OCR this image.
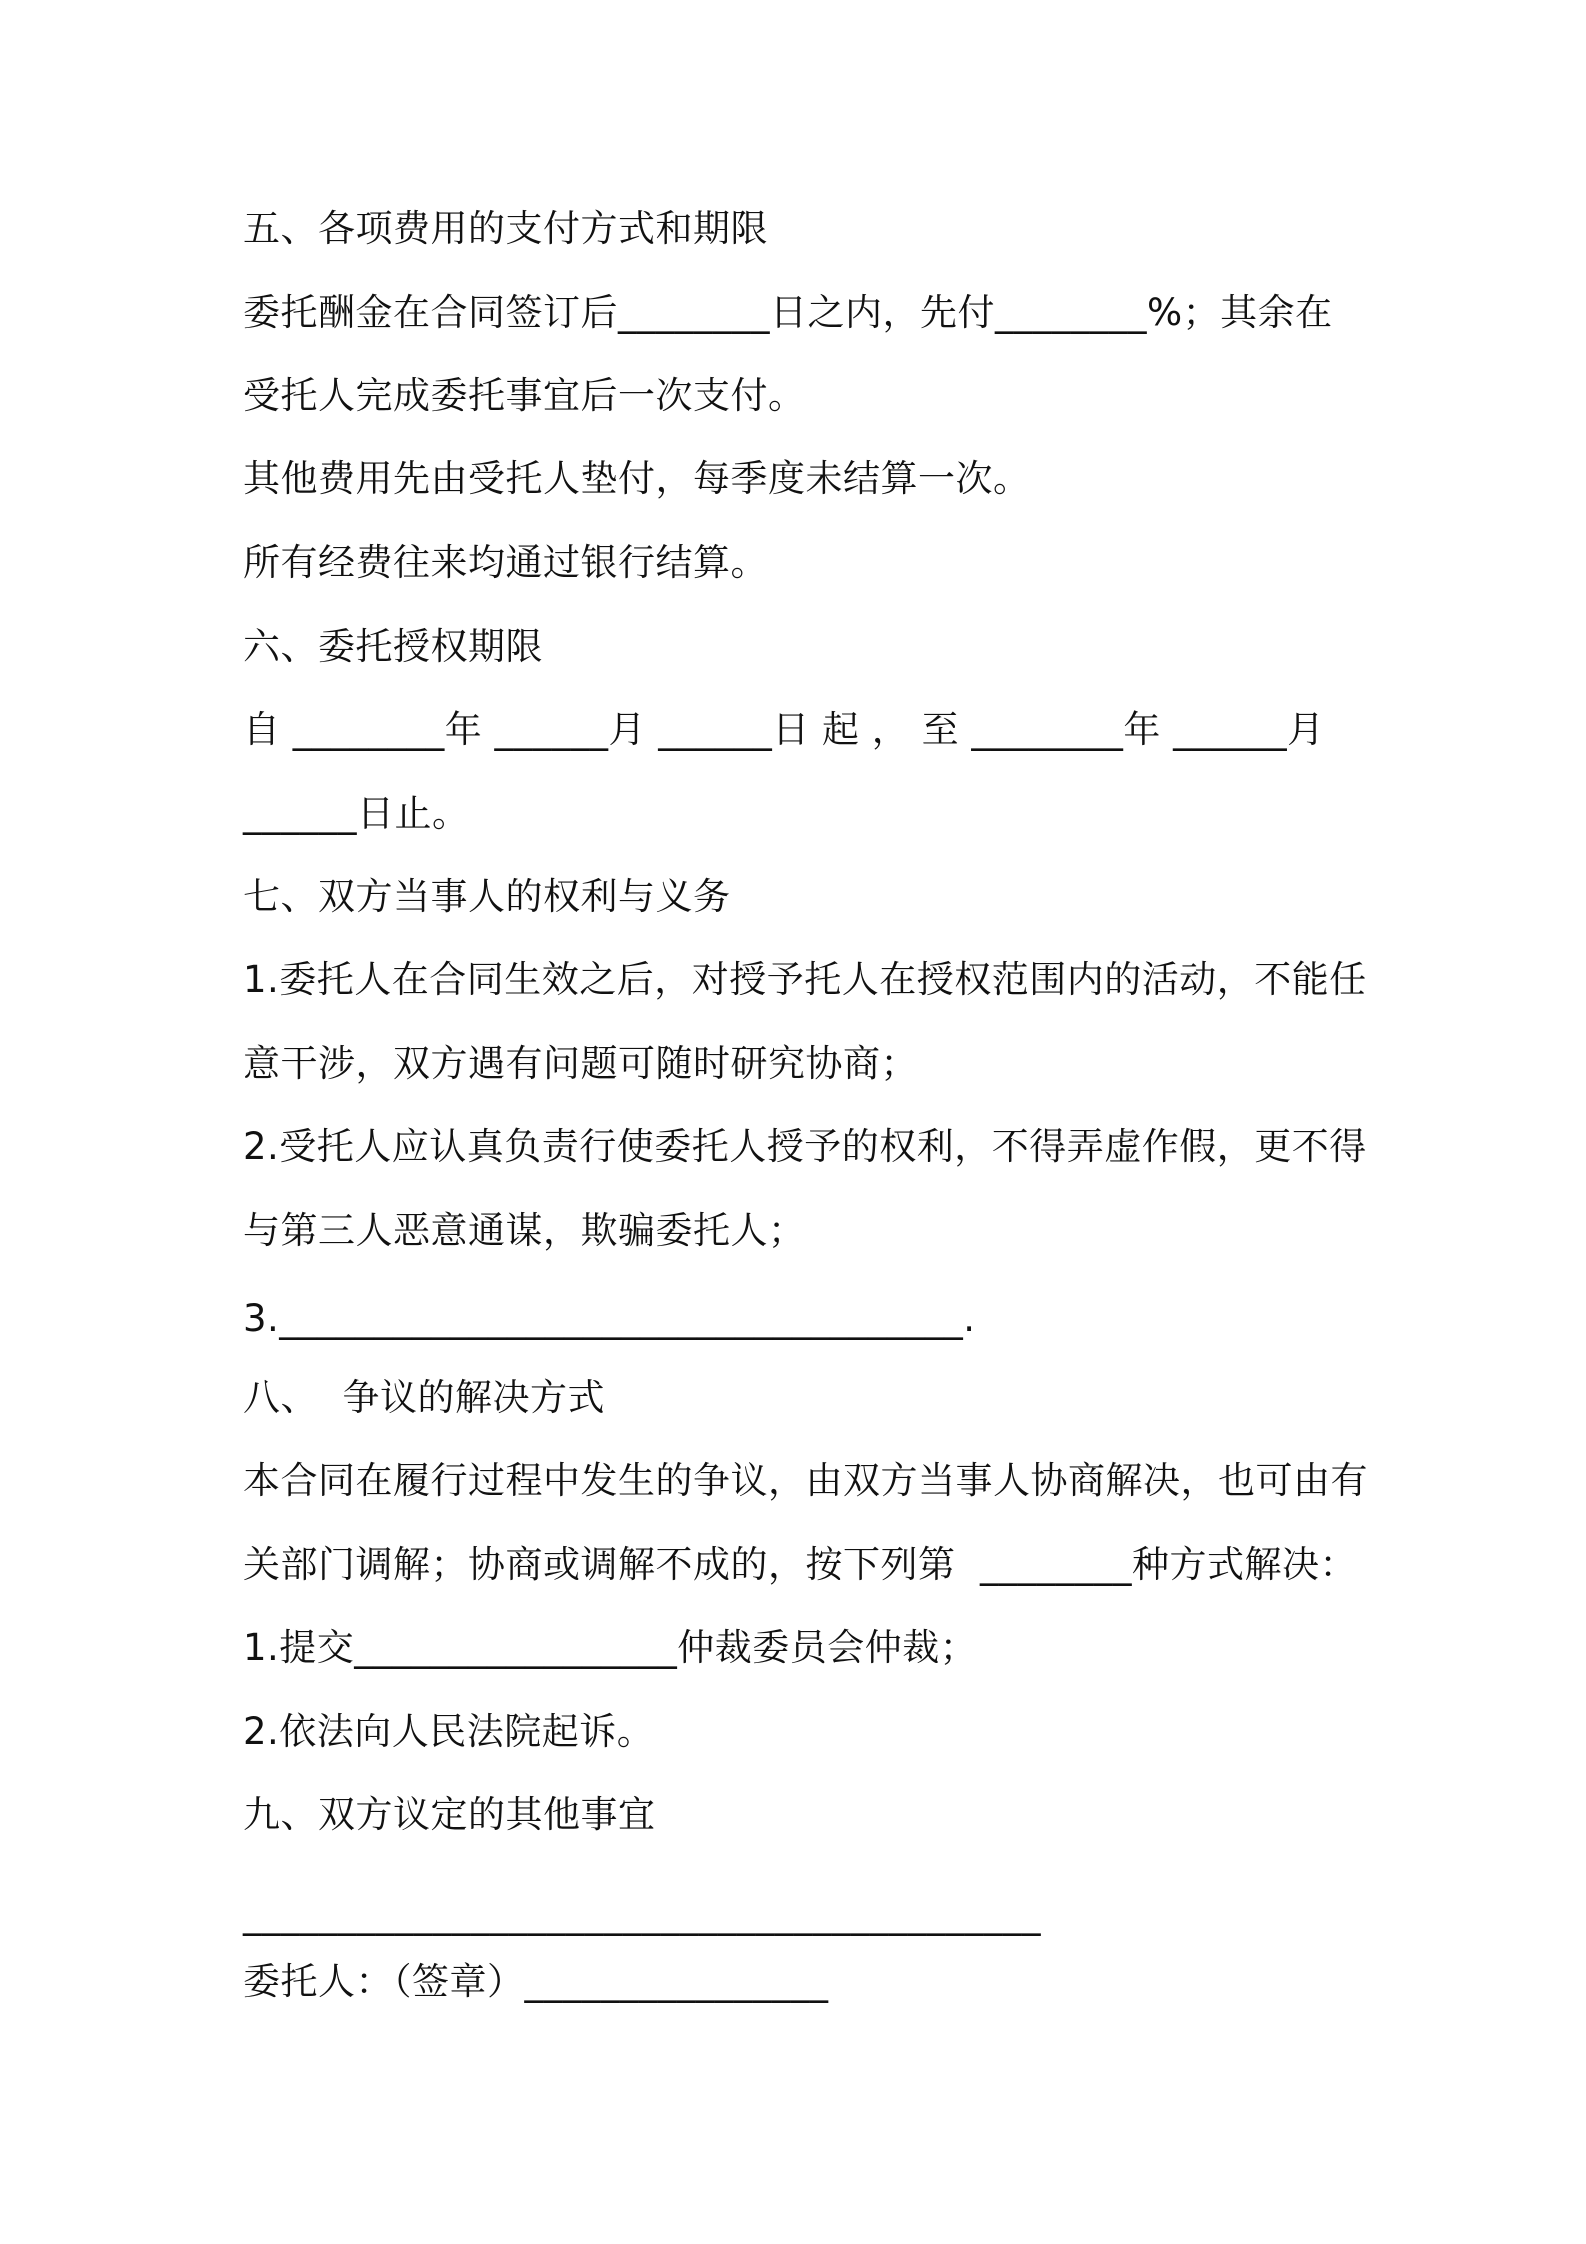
五、各项费用的支付方式和期限
委托酬金在合同签订后________日之内，先付________%；其余在
受托人完成委托事宜后一次支付。
其他费用先由受托人垫付，每季度未结算一次。
所有经费往来均通过银行结算。
六、委托授权期限
自 ________年 ______月 ______日 起 ， 至 ________年 ______月
______日止。
七、双方当事人的权利与义务
1.委托人在合同生效之后，对授予托人在授权范围内的活动，不能任
意干涉，双方遇有问题可随时研究协商；
2.受托人应认真负责行使委托人授予的权利，不得弄虚作假，更不得
与第三人恶意通谋，欺骗委托人；
3.____________________________________.
八、  争议的解决方式
本合同在履行过程中发生的争议，由双方当事人协商解决，也可由有
关部门调解；协商或调解不成的，按下列第  ________种方式解决：
1.提交_________________仲裁委员会仲裁；
2.依法向人民法院起诉。
九、双方议定的其他事宜
__________________________________________
委托人：（签章）________________
